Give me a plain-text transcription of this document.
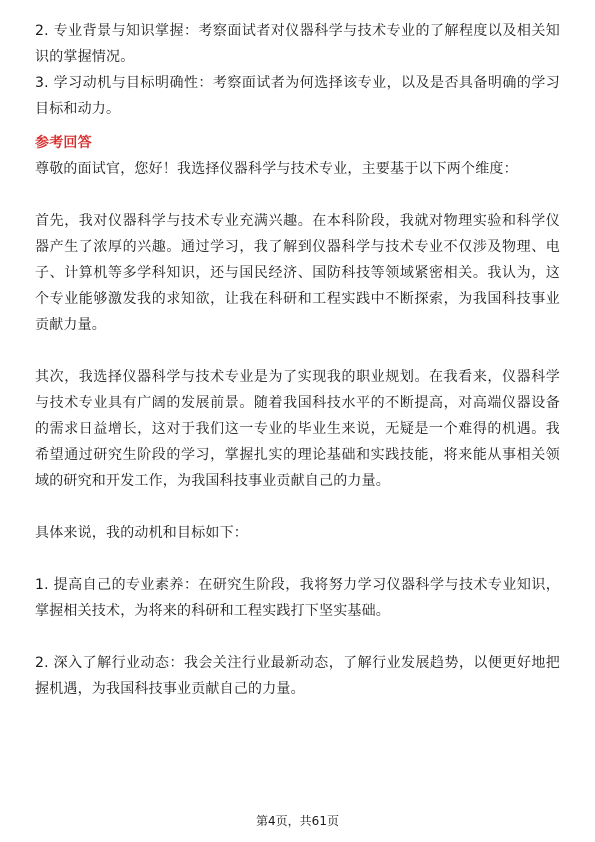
2. 专业背景与知识掌握：考察面试者对仪器科学与技术专业的了解程度以及相关知识的掌握情况。

3. 学习动机与目标明确性：考察面试者为何选择该专业，以及是否具备明确的学习目标和动力。

参考回答

尊敬的面试官，您好！我选择仪器科学与技术专业，主要基于以下两个维度：

首先，我对仪器科学与技术专业充满兴趣。在本科阶段，我就对物理实验和科学仪器产生了浓厚的兴趣。通过学习，我了解到仪器科学与技术专业不仅涉及物理、电子、计算机等多学科知识，还与国民经济、国防科技等领域紧密相关。我认为，这个专业能够激发我的求知欲，让我在科研和工程实践中不断探索，为我国科技事业贡献力量。

其次，我选择仪器科学与技术专业是为了实现我的职业规划。在我看来，仪器科学与技术专业具有广阔的发展前景。随着我国科技水平的不断提高，对高端仪器设备的需求日益增长，这对于我们这一专业的毕业生来说，无疑是一个难得的机遇。我希望通过研究生阶段的学习，掌握扎实的理论基础和实践技能，将来能从事相关领域的研究和开发工作，为我国科技事业贡献自己的力量。

具体来说，我的动机和目标如下：

1. 提高自己的专业素养：在研究生阶段，我将努力学习仪器科学与技术专业知识，掌握相关技术，为将来的科研和工程实践打下坚实基础。

2. 深入了解行业动态：我会关注行业最新动态，了解行业发展趋势，以便更好地把握机遇，为我国科技事业贡献自己的力量。

第4页，共61页
